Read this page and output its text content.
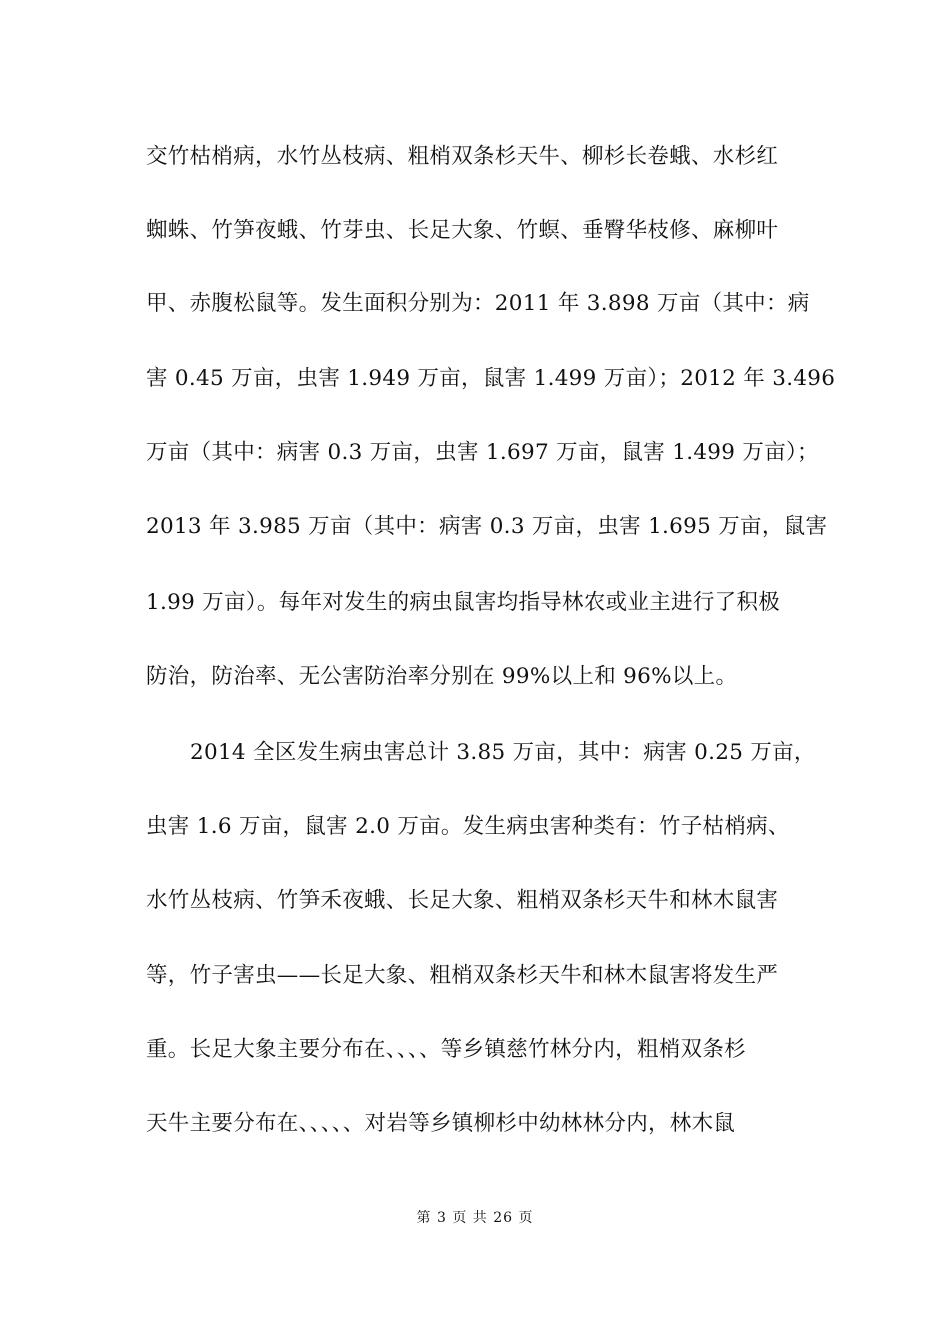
交竹枯梢病，水竹丛枝病、粗梢双条杉天牛、柳杉长卷蛾、水杉红
蜘蛛、竹笋夜蛾、竹芽虫、长足大象、竹螟、垂臀华枝修、麻柳叶
甲、赤腹松鼠等。发生面积分别为：2011 年 3.898 万亩（其中：病
害 0.45 万亩，虫害 1.949 万亩，鼠害 1.499 万亩）；2012 年 3.496
万亩（其中：病害 0.3 万亩，虫害 1.697 万亩，鼠害 1.499 万亩）；
2013 年 3.985 万亩（其中：病害 0.3 万亩，虫害 1.695 万亩，鼠害
1.99 万亩）。每年对发生的病虫鼠害均指导林农或业主进行了积极
防治，防治率、无公害防治率分别在 99%以上和 96%以上。
2014 全区发生病虫害总计 3.85 万亩，其中：病害 0.25 万亩，
虫害 1.6 万亩，鼠害 2.0 万亩。发生病虫害种类有：竹子枯梢病、
水竹丛枝病、竹笋禾夜蛾、长足大象、粗梢双条杉天牛和林木鼠害
等，竹子害虫——长足大象、粗梢双条杉天牛和林木鼠害将发生严
重。长足大象主要分布在、、、、等乡镇慈竹林分内，粗梢双条杉
天牛主要分布在、、、、、对岩等乡镇柳杉中幼林林分内，林木鼠
第 3 页 共 26 页
